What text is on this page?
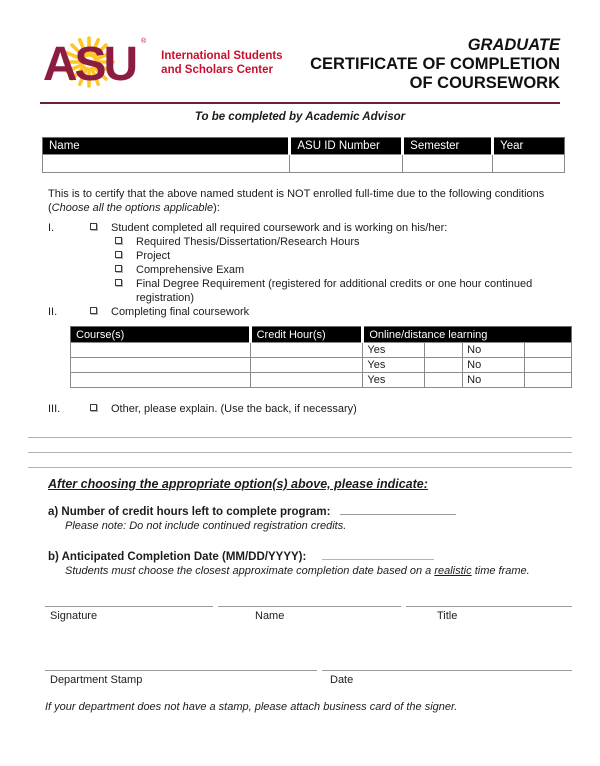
ASU ®
International Students
and Scholars Center
GRADUATE
CERTIFICATE OF COMPLETION
OF COURSEWORK
To be completed by Academic Advisor
Name	ASU ID Number	Semester	Year

This is to certify that the above named student is NOT enrolled full-time due to the following conditions (Choose all the options applicable):

I.	Student completed all required coursework and is working on his/her:
Required Thesis/Dissertation/Research Hours
Project
Comprehensive Exam
Final Degree Requirement (registered for additional credits or one hour continued registration)
II.	Completing final coursework
Course(s)	Credit Hour(s)	Online/distance learning			
		Yes		No	
		Yes		No	
		Yes		No	
III.	Other, please explain. (Use the back, if necessary)
After choosing the appropriate option(s) above, please indicate:
a) Number of credit hours left to complete program:
Please note: Do not include continued registration credits.
b) Anticipated Completion Date (MM/DD/YYYY):
Students must choose the closest approximate completion date based on a realistic time frame.
Signature	Name	Title
Department Stamp	Date
If your department does not have a stamp, please attach business card of the signer.
